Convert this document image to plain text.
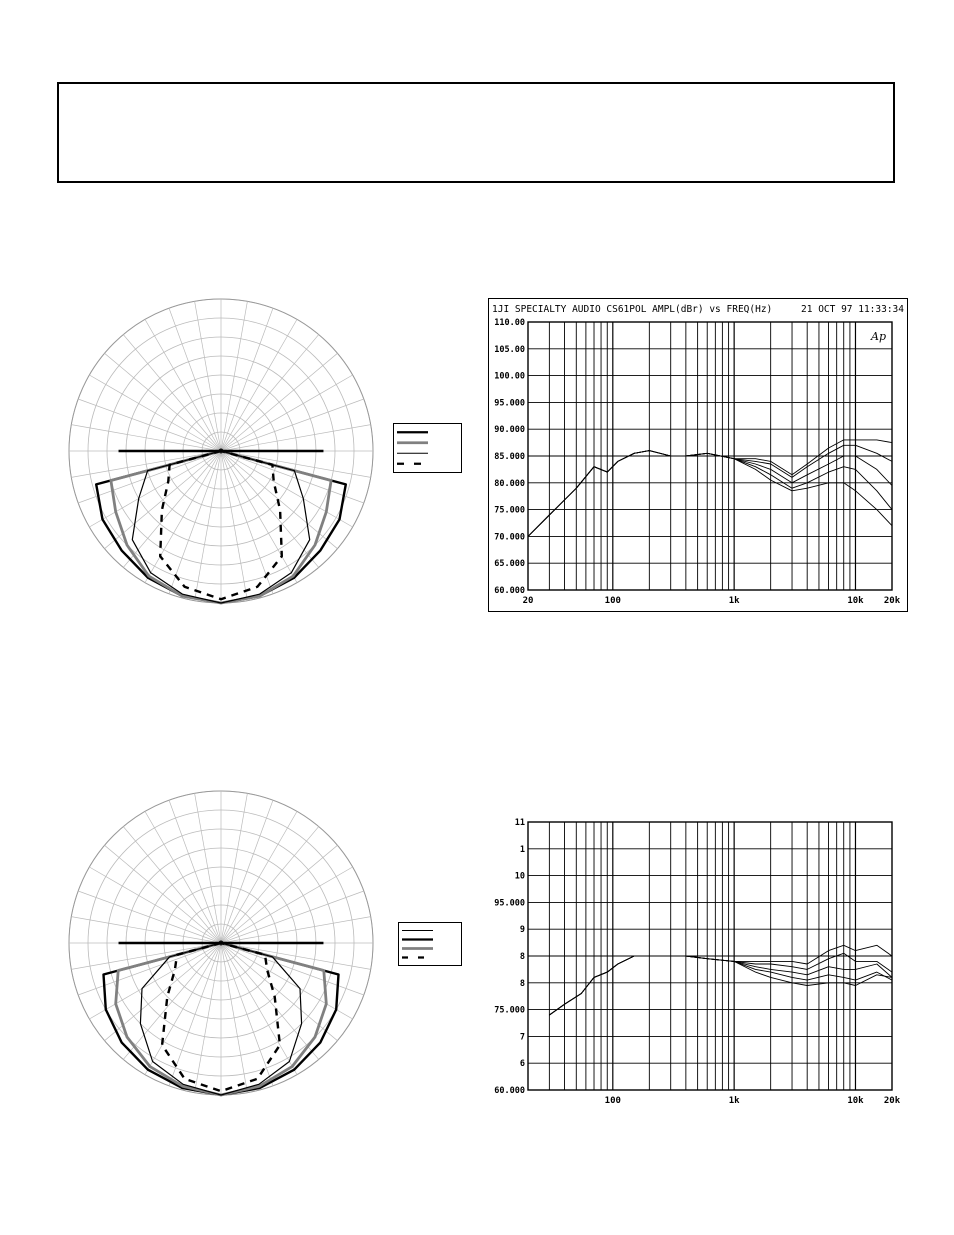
1JI SPECIALTY AUDIO CS61POL AMPL(dBr) vs FREQ(Hz)	21 OCT 97 11:33:34
Ap
110.00
105.00
100.00
95.000
90.000
85.000
80.000
75.000
70.000
65.000
60.000
20	100	1k	10k 20k
11
1
10
95.000
9
8
8
75.000
7
6
60.000
100	1k	10k 20k
